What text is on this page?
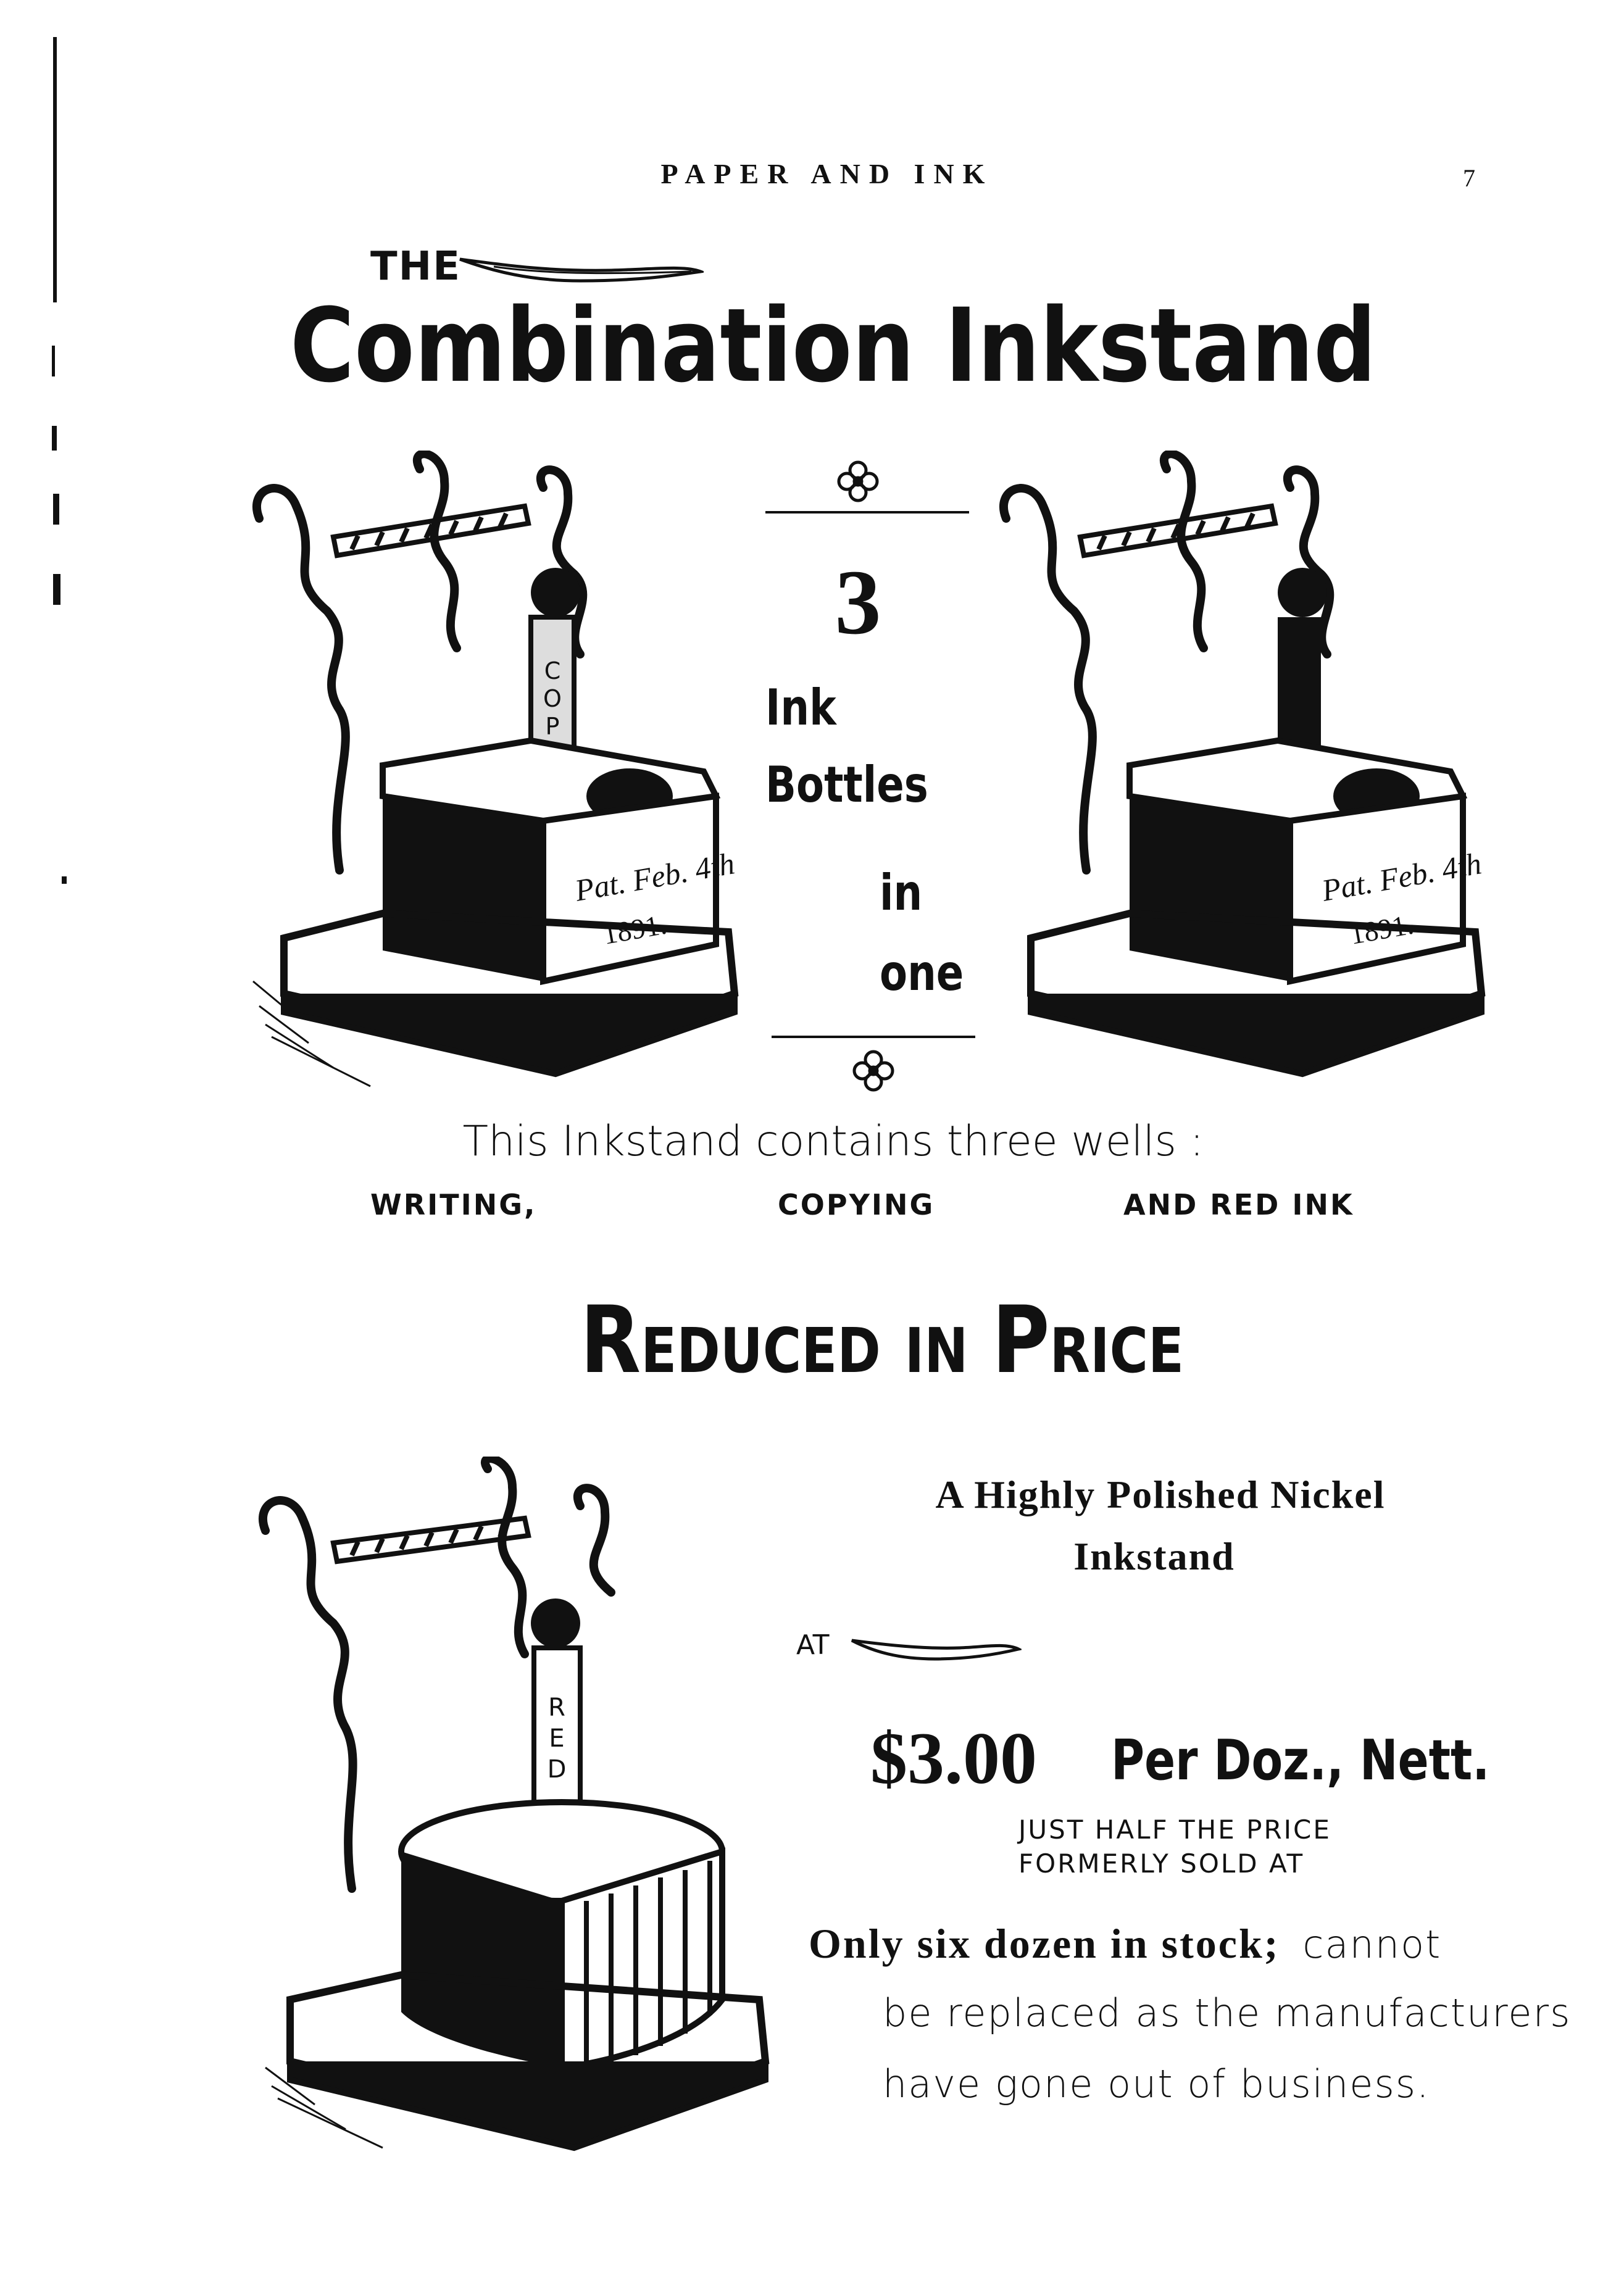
PAPER AND INK	7
THE
Combination Inkstand
C
O
P
Pat. Feb. 4th
1891.
Pat. Feb. 4th
1891.
3
Ink
Bottles
in
one
This Inkstand contains three wells :
WRITING,	COPYING	AND RED INK
REDUCED IN PRICE
R
E
D
A Highly Polished Nickel
Inkstand
AT
$3.00 Per Doz., Nett.
JUST HALF THE PRICE
FORMERLY SOLD AT
Only six dozen in stock; cannot
be replaced as the manufacturers
have gone out of business.
